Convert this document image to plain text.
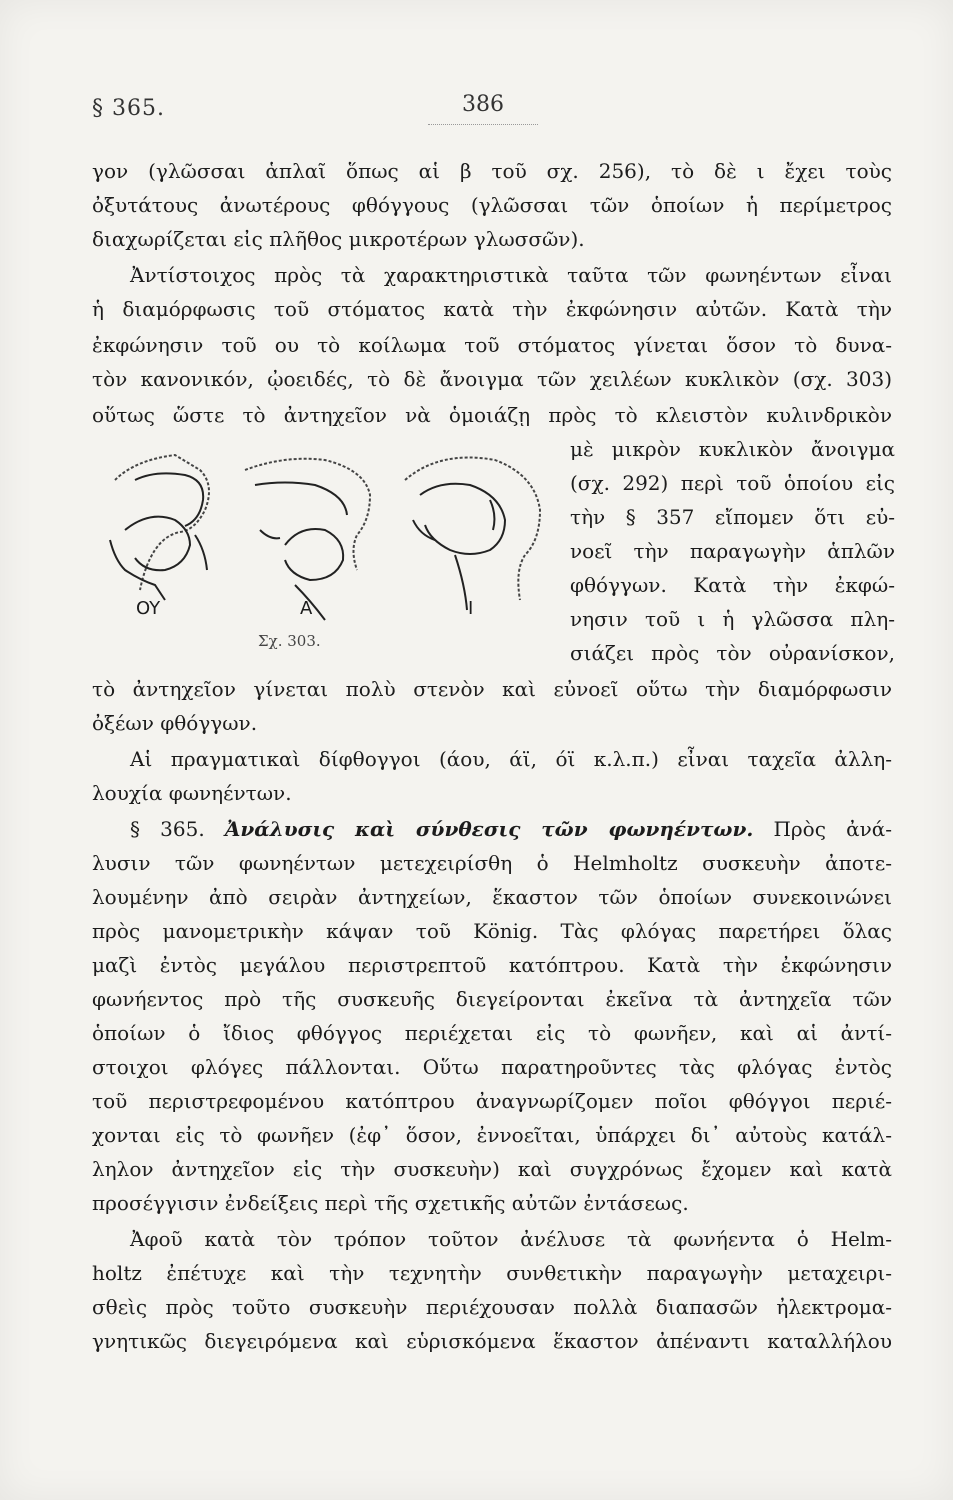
§ 365.	386
γον (γλῶσσαι ἁπλαῖ ὅπως αἱ β τοῦ σχ. 256), τὸ δὲ ι ἔχει τοὺς
ὀξυτάτους ἀνωτέρους φθόγγους (γλῶσσαι τῶν ὁποίων ἡ περίμετρος
διαχωρίζεται εἰς πλῆθος μικροτέρων γλωσσῶν).
Ἀντίστοιχος πρὸς τὰ χαρακτηριστικὰ ταῦτα τῶν φωνηέντων εἶναι
ἡ διαμόρφωσις τοῦ στόματος κατὰ τὴν ἐκφώνησιν αὐτῶν. Κατὰ τὴν
ἐκφώνησιν τοῦ ου τὸ κοίλωμα τοῦ στόματος γίνεται ὅσον τὸ δυνα-
τὸν κανονικόν, ᾠοειδές, τὸ δὲ ἄνοιγμα τῶν χειλέων κυκλικὸν (σχ. 303)
οὕτως ὥστε τὸ ἀντηχεῖον νὰ ὁμοιάζῃ πρὸς τὸ κλειστὸν κυλινδρικὸν
OY	A	I
Σχ. 303.
μὲ μικρὸν κυκλικὸν ἄνοιγμα
(σχ. 292) περὶ τοῦ ὁποίου εἰς
τὴν § 357 εἴπομεν ὅτι εὐ-
νοεῖ τὴν παραγωγὴν ἁπλῶν
φθόγγων. Κατὰ τὴν ἐκφώ-
νησιν τοῦ ι ἡ γλῶσσα πλη-
σιάζει πρὸς τὸν οὐρανίσκον,
τὸ ἀντηχεῖον γίνεται πολὺ στενὸν καὶ εὐνοεῖ οὕτω τὴν διαμόρφωσιν
ὀξέων φθόγγων.
Αἱ πραγματικαὶ δίφθογγοι (άου, άϊ, όϊ κ.λ.π.) εἶναι ταχεῖα ἀλλη-
λουχία φωνηέντων.
§ 365. Ἀνάλυσις καὶ σύνθεσις τῶν φωνηέντων. Πρὸς ἀνά-
λυσιν τῶν φωνηέντων μετεχειρίσθη ὁ Helmholtz συσκευὴν ἀποτε-
λουμένην ἀπὸ σειρὰν ἀντηχείων, ἕκαστον τῶν ὁποίων συνεκοινώνει
πρὸς μανομετρικὴν κάψαν τοῦ König. Τὰς φλόγας παρετήρει ὅλας
μαζὶ ἐντὸς μεγάλου περιστρεπτοῦ κατόπτρου. Κατὰ τὴν ἐκφώνησιν
φωνήεντος πρὸ τῆς συσκευῆς διεγείρονται ἐκεῖνα τὰ ἀντηχεῖα τῶν
ὁποίων ὁ ἴδιος φθόγγος περιέχεται εἰς τὸ φωνῆεν, καὶ αἱ ἀντί-
στοιχοι φλόγες πάλλονται. Οὕτω παρατηροῦντες τὰς φλόγας ἐντὸς
τοῦ περιστρεφομένου κατόπτρου ἀναγνωρίζομεν ποῖοι φθόγγοι περιέ-
χονται εἰς τὸ φωνῆεν (ἐφ᾿ ὅσον, ἐννοεῖται, ὑπάρχει δι᾿ αὐτοὺς κατάλ-
ληλον ἀντηχεῖον εἰς τὴν συσκευὴν) καὶ συγχρόνως ἔχομεν καὶ κατὰ
προσέγγισιν ἐνδείξεις περὶ τῆς σχετικῆς αὐτῶν ἐντάσεως.
Ἀφοῦ κατὰ τὸν τρόπον τοῦτον ἀνέλυσε τὰ φωνήεντα ὁ Helm-
holtz ἐπέτυχε καὶ τὴν τεχνητὴν συνθετικὴν παραγωγὴν μεταχειρι-
σθεὶς πρὸς τοῦτο συσκευὴν περιέχουσαν πολλὰ διαπασῶν ἠλεκτρομα-
γνητικῶς διεγειρόμενα καὶ εὑρισκόμενα ἕκαστον ἀπέναντι καταλλήλου
